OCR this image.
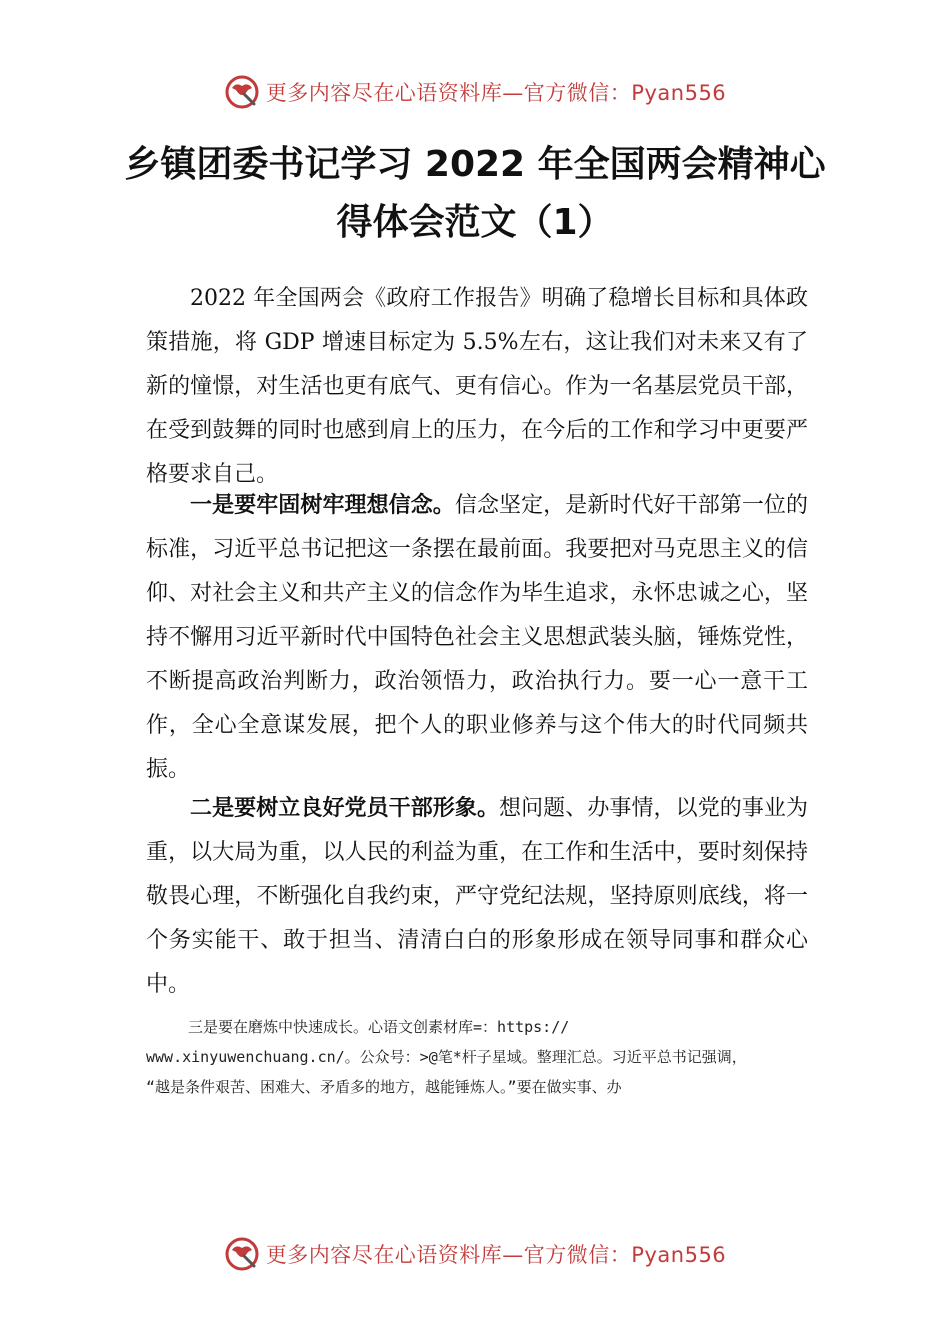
更多内容尽在心语资料库—官方微信：Pyan556
乡镇团委书记学习 2022 年全国两会精神心
得体会范文（1）

2022 年全国两会《政府工作报告》明确了稳增长目标和具体政策措施，将 GDP 增速目标定为 5.5%左右，这让我们对未来又有了新的憧憬，对生活也更有底气、更有信心。作为一名基层党员干部，在受到鼓舞的同时也感到肩上的压力，在今后的工作和学习中更要严格要求自己。

一是要牢固树牢理想信念。信念坚定，是新时代好干部第一位的标准，习近平总书记把这一条摆在最前面。我要把对马克思主义的信仰、对社会主义和共产主义的信念作为毕生追求，永怀忠诚之心，坚持不懈用习近平新时代中国特色社会主义思想武装头脑，锤炼党性，不断提高政治判断力，政治领悟力，政治执行力。要一心一意干工作，全心全意谋发展，把个人的职业修养与这个伟大的时代同频共振。

二是要树立良好党员干部形象。想问题、办事情，以党的事业为重，以大局为重，以人民的利益为重，在工作和生活中，要时刻保持敬畏心理，不断强化自我约束，严守党纪法规，坚持原则底线，将一个务实能干、敢于担当、清清白白的形象形成在领导同事和群众心中。

三是要在磨炼中快速成长。心语文创素材库=：https://
www.xinyuwenchuang.cn/。公众号：>@笔*杆子星域。整理汇总。习近平总书记强调，
“越是条件艰苦、困难大、矛盾多的地方，越能锤炼人。”要在做实事、办
更多内容尽在心语资料库—官方微信：Pyan556
